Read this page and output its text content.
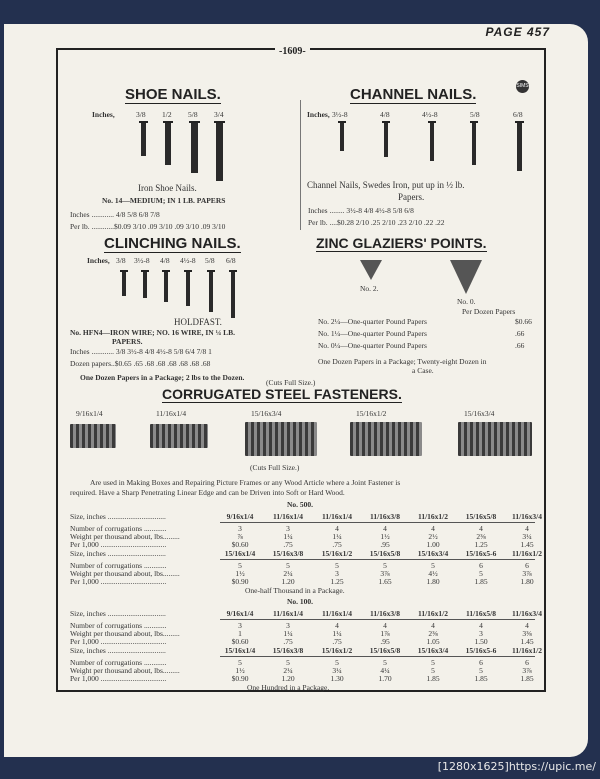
PAGE 457
-1609-
SIMS
SHOE NAILS.
Inches,	3/8 1/2 5/8 3/4
Iron Shoe Nails.
No. 14—MEDIUM; IN 1 LB. PAPERS
Inches ............ 4/8 5/8 6/8 7/8
Per lb. ............$0.09 3/10 .09 3/10 .09 3/10 .09 3/10
CHANNEL NAILS.
Inches, 3½-8	4/8	4½-8	5/8	6/8
Channel Nails, Swedes Iron, put up in ½ lb.
Papers.
Inches ........ 3½-8 4/8 4½-8 5/8 6/8
Per lb. ....$0.28 2/10 .25 2/10 .23 2/10 .22 .22
CLINCHING NAILS.
Inches, 3/8 3½-8 4/8 4½-8 5/8 6/8
HOLDFAST.
No. HFN4—IRON WIRE; NO. 16 WIRE, IN ¼ LB.
PAPERS.
Inches ............ 3/8 3½-8 4/8 4½-8 5/8 6/4 7/8 1
Dozen papers..$0.65 .65 .68 .68 .68 .68 .68 .68
One Dozen Papers in a Package; 2 lbs to the Dozen.
ZINC GLAZIERS' POINTS.
No. 2.
No. 0.
Per Dozen Papers
No. 2¼—One-quarter Pound Papers	$0.66
No. 1¼—One-quarter Pound Papers	.66
No. 0¼—One-quarter Pound Papers	.66
One Dozen Papers in a Package; Twenty-eight Dozen in
a Case.
(Cuts Full Size.)
CORRUGATED STEEL FASTENERS.
9/16x1/4	11/16x1/4	15/16x3/4	15/16x1/2	15/16x3/4
(Cuts Full Size.)
Are used in Making Boxes and Repairing Picture Frames or any Wood Article where a Joint Fastener is
required. Have a Sharp Penetrating Linear Edge and can be Driven into Soft or Hard Wood.
No. 500.
Size, inches ...............................	9/16x1/4	11/16x1/4	11/16x1/4 11/16x3/8 11/16x1/2 15/16x5/8 11/16x3/4
Number of corrugations ............	3	3	4	4	4	4	4
Weight per thousand about, lbs.........	⅞	1¼	1¼	1½	2½	2⅜	3¼
Per 1,000 ...................................	$0.60	.75	.75	.95	1.00	1.25	1.45
Size, inches ...............................	15/16x1/4 15/16x3/8 15/16x1/2 15/16x5/8 15/16x3/4 15/16x5-6 11/16x1/2
Number of corrugations ............	5	5	5	5	5	6	6
Weight per thousand about, lbs.........	1½	2¼	3	3⅞	4½	5	3⅞
Per 1,000 ...................................	$0.90	1.20	1.25	1.65	1.80	1.85	1.80
One-half Thousand in a Package.
No. 100.
Size, inches ...............................	9/16x1/4	11/16x1/4	11/16x1/4 11/16x3/8 11/16x1/2 11/16x5/8 11/16x3/4
Number of corrugations ............	3	3	4	4	4	4	4
Weight per thousand about, lbs.........	1	1¼	1¼	1⅞	2⅜	3	3⅜
Per 1,000 ...................................	$0.60	.75	.75	.95	1.05	1.50	1.45
Size, inches ...............................	15/16x1/4 15/16x3/8 15/16x1/2 15/16x5/8 15/16x3/4 15/16x5-6 11/16x1/2
Number of corrugations ............	5	5	5	5	5	6	6
Weight per thousand about, lbs.........	1½	2¼	3¼	4¼	5	5	3⅞
Per 1,000 ...................................	$0.90	1.20	1.30	1.70	1.85	1.85	1.85
One Hundred in a Package.
[1280x1625]https://upic.me/
